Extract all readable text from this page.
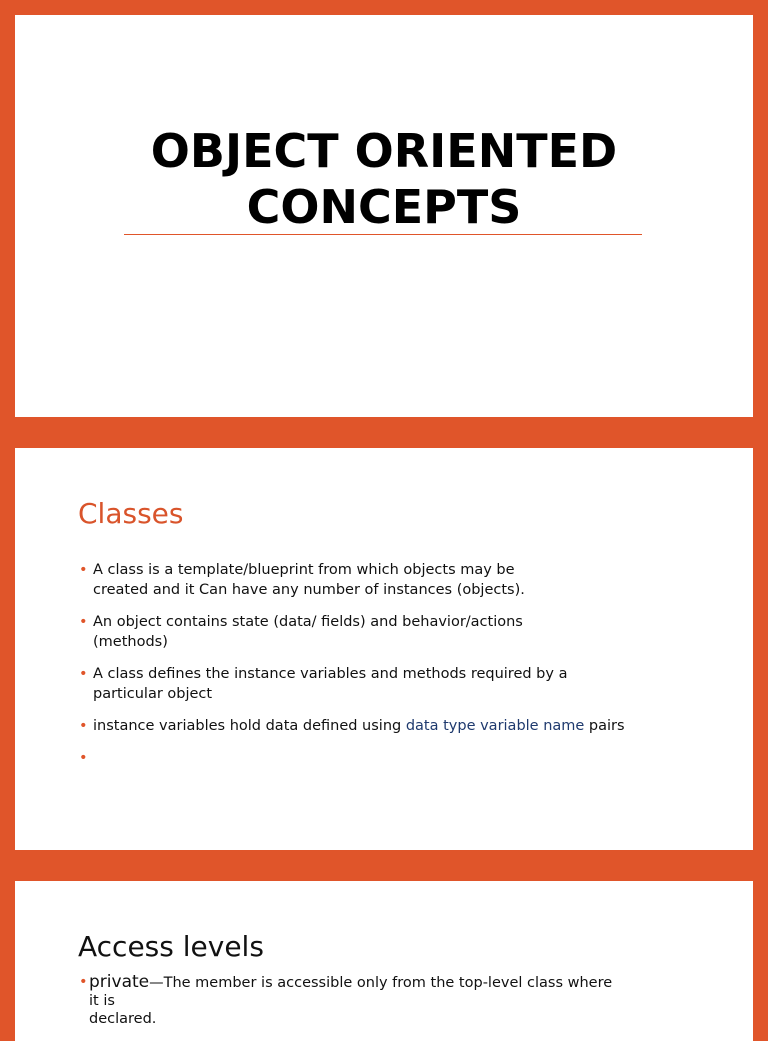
OBJECT ORIENTED
CONCEPTS
Classes
• A class is a template/blueprint from which objects may be
created and it Can have any number of instances (objects).
• An object contains state (data/ fields) and behavior/actions
(methods)
• A class defines the instance variables and methods required by a
particular object
• instance variables hold data defined using data type variable name pairs
•

Access levels
• private—The member is accessible only from the top-level class where
it is
declared.
